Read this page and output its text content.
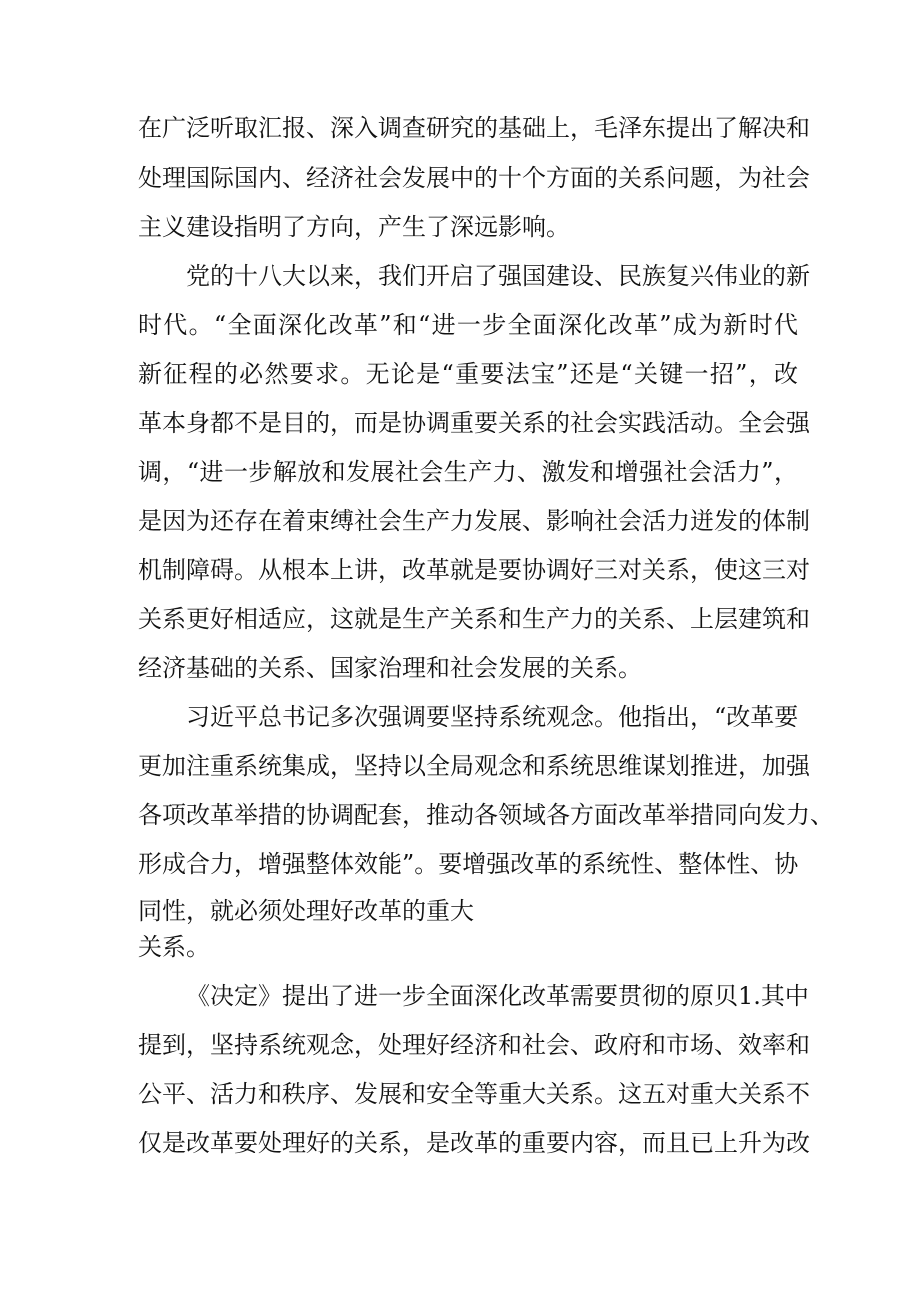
在广泛听取汇报、深入调查研究的基础上，毛泽东提出了解决和
处理国际国内、经济社会发展中的十个方面的关系问题，为社会
主义建设指明了方向，产生了深远影响。
党的十八大以来，我们开启了强国建设、民族复兴伟业的新
时代。“全面深化改革”和“进一步全面深化改革”成为新时代
新征程的必然要求。无论是“重要法宝”还是“关键一招”，改
革本身都不是目的，而是协调重要关系的社会实践活动。全会强
调，“进一步解放和发展社会生产力、激发和增强社会活力”，
是因为还存在着束缚社会生产力发展、影响社会活力迸发的体制
机制障碍。从根本上讲，改革就是要协调好三对关系，使这三对
关系更好相适应，这就是生产关系和生产力的关系、上层建筑和
经济基础的关系、国家治理和社会发展的关系。
习近平总书记多次强调要坚持系统观念。他指出，“改革要
更加注重系统集成，坚持以全局观念和系统思维谋划推进，加强
各项改革举措的协调配套，推动各领域各方面改革举措同向发力、
形成合力，增强整体效能”。要增强改革的系统性、整体性、协
同性，就必须处理好改革的重大
关系。
《决定》提出了进一步全面深化改革需要贯彻的原贝1.其中
提到，坚持系统观念，处理好经济和社会、政府和市场、效率和
公平、活力和秩序、发展和安全等重大关系。这五对重大关系不
仅是改革要处理好的关系，是改革的重要内容，而且已上升为改
